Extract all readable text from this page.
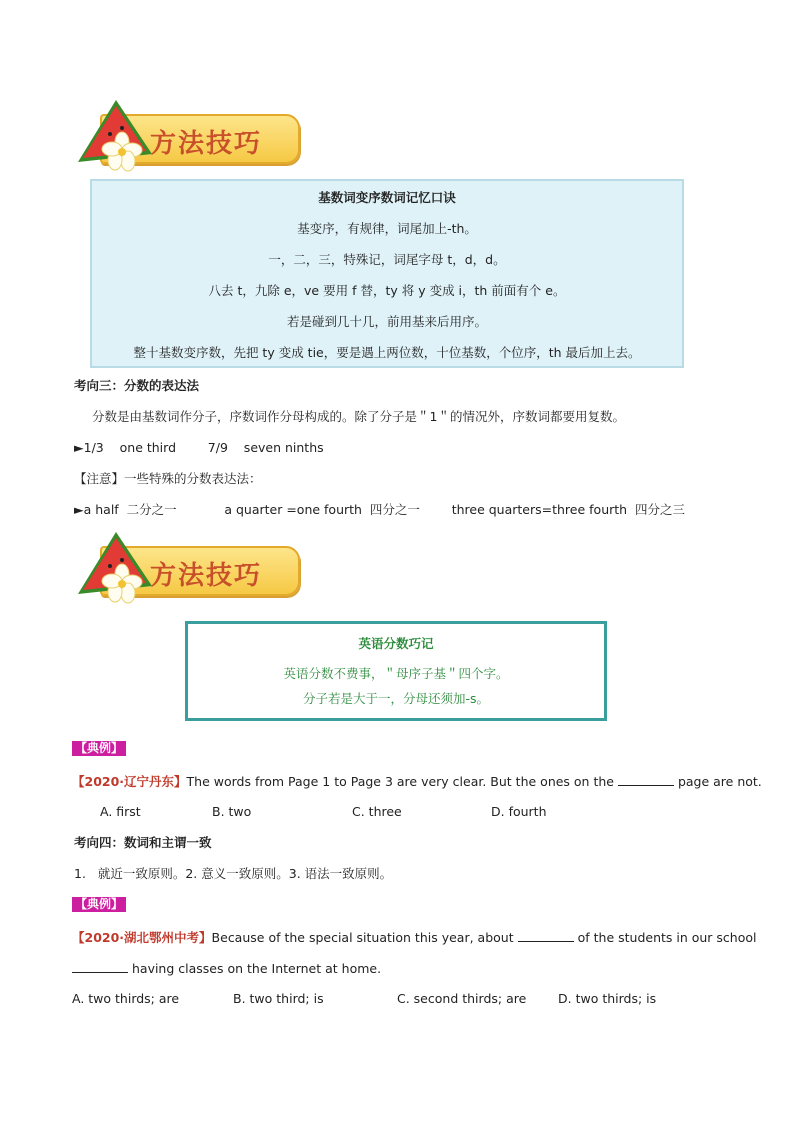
方法技巧
基数词变序数词记忆口诀
基变序，有规律，词尾加上-th。
一，二，三，特殊记，词尾字母 t，d，d。
八去 t，九除 e，ve 要用 f 替，ty 将 y 变成 i，th 前面有个 e。
若是碰到几十几，前用基来后用序。
整十基数变序数，先把 ty 变成 tie，要是遇上两位数，十位基数，个位序，th 最后加上去。
考向三：分数的表达法
分数是由基数词作分子，序数词作分母构成的。除了分子是＂1＂的情况外，序数词都要用复数。
►1/3    one third        7/9    seven ninths
【注意】一些特殊的分数表达法：
►a half  二分之一            a quarter =one fourth  四分之一        three quarters=three fourth  四分之三
方法技巧
英语分数巧记
英语分数不费事，＂母序子基＂四个字。
分子若是大于一，分母还须加-s。
【典例】
【2020·辽宁丹东】The words from Page 1 to Page 3 are very clear. But the ones on the	page are not.
A. first	B. two	C. three	D. fourth
考向四：数词和主谓一致
1.   就近一致原则。2. 意义一致原则。3. 语法一致原则。
【典例】
【2020·湖北鄂州中考】Because of the special situation this year, about	of the students in our school
having classes on the Internet at home.
A. two thirds; are	B. two third; is	C. second thirds; are	D. two thirds; is
